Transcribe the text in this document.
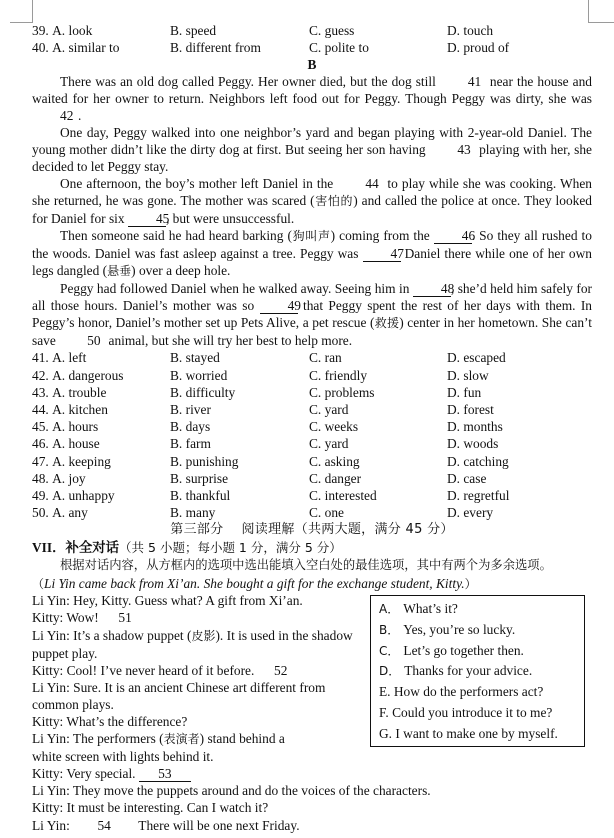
39. A. look	B. speed	C. guess	D. touch
40. A. similar to	B. different from	C. polite to	D. proud of
B

There was an old dog called Peggy. Her owner died, but the dog still 41 near the house and waited for her owner to return. Neighbors left food out for Peggy. Though Peggy was dirty, she was 42 .

One day, Peggy walked into one neighbor’s yard and began playing with 2-year-old Daniel. The young mother didn’t like the dirty dog at first. But seeing her son having 43 playing with her, she decided to let Peggy stay.

One afternoon, the boy’s mother left Daniel in the 44 to play while she was cooking. When she returned, he was gone. The mother was scared (害怕的) and called the police at once. They looked for Daniel for six 45, but were unsuccessful.

Then someone said he had heard barking (狗叫声) coming from the 46. So they all rushed to the woods. Daniel was fast asleep against a tree. Peggy was 47 Daniel there while one of her own legs dangled (悬垂) over a deep hole.

Peggy had followed Daniel when he walked away. Seeing him in 48, she’d held him safely for all those hours. Daniel’s mother was so 49 that Peggy spent the rest of her days with them. In Peggy’s honor, Daniel’s mother set up Pets Alive, a pet rescue (救援) center in her hometown. She can’t save 50 animal, but she will try her best to help more.

41. A. left	B. stayed	C. ran	D. escaped
42. A. dangerous	B. worried	C. friendly	D. slow
43. A. trouble	B. difficulty	C. problems	D. fun
44. A. kitchen	B. river	C. yard	D. forest
45. A. hours	B. days	C. weeks	D. months
46. A. house	B. farm	C. yard	D. woods
47. A. keeping	B. punishing	C. asking	D. catching
48. A. joy	B. surprise	C. danger	D. case
49. A. unhappy	B. thankful	C. interested	D. regretful
50. A. any	B. many	C. one	D. every
第三部分 阅读理解（共两大题，满分 45 分）
VII．补全对话（共 5 小题；每小题 1 分，满分 5 分）
根据对话内容，从方框内的选项中选出能填入空白处的最佳选项，其中有两个为多余选项。
（Li Yin came back from Xi’an. She bought a gift for the exchange student, Kitty.）
Li Yin: Hey, Kitty. Guess what? A gift from Xi’an.
Kitty: Wow! 51
Li Yin: It’s a shadow puppet (皮影). It is used in the shadow puppet play.
Kitty: Cool! I’ve never heard of it before. 52
Li Yin: Sure. It is an ancient Chinese art different from common plays.
Kitty: What’s the difference?
Li Yin: The performers (表演者) stand behind a white screen with lights behind it.
Kitty: Very special. 53
Li Yin: They move the puppets around and do the voices of the characters.
Kitty: It must be interesting. Can I watch it?
Li Yin: 54 There will be one next Friday.
A． What’s it?
B． Yes, you’re so lucky.
C． Let’s go together then.
D． Thanks for your advice.
E. How do the performers act?
F. Could you introduce it to me?
G. I want to make one by myself.
